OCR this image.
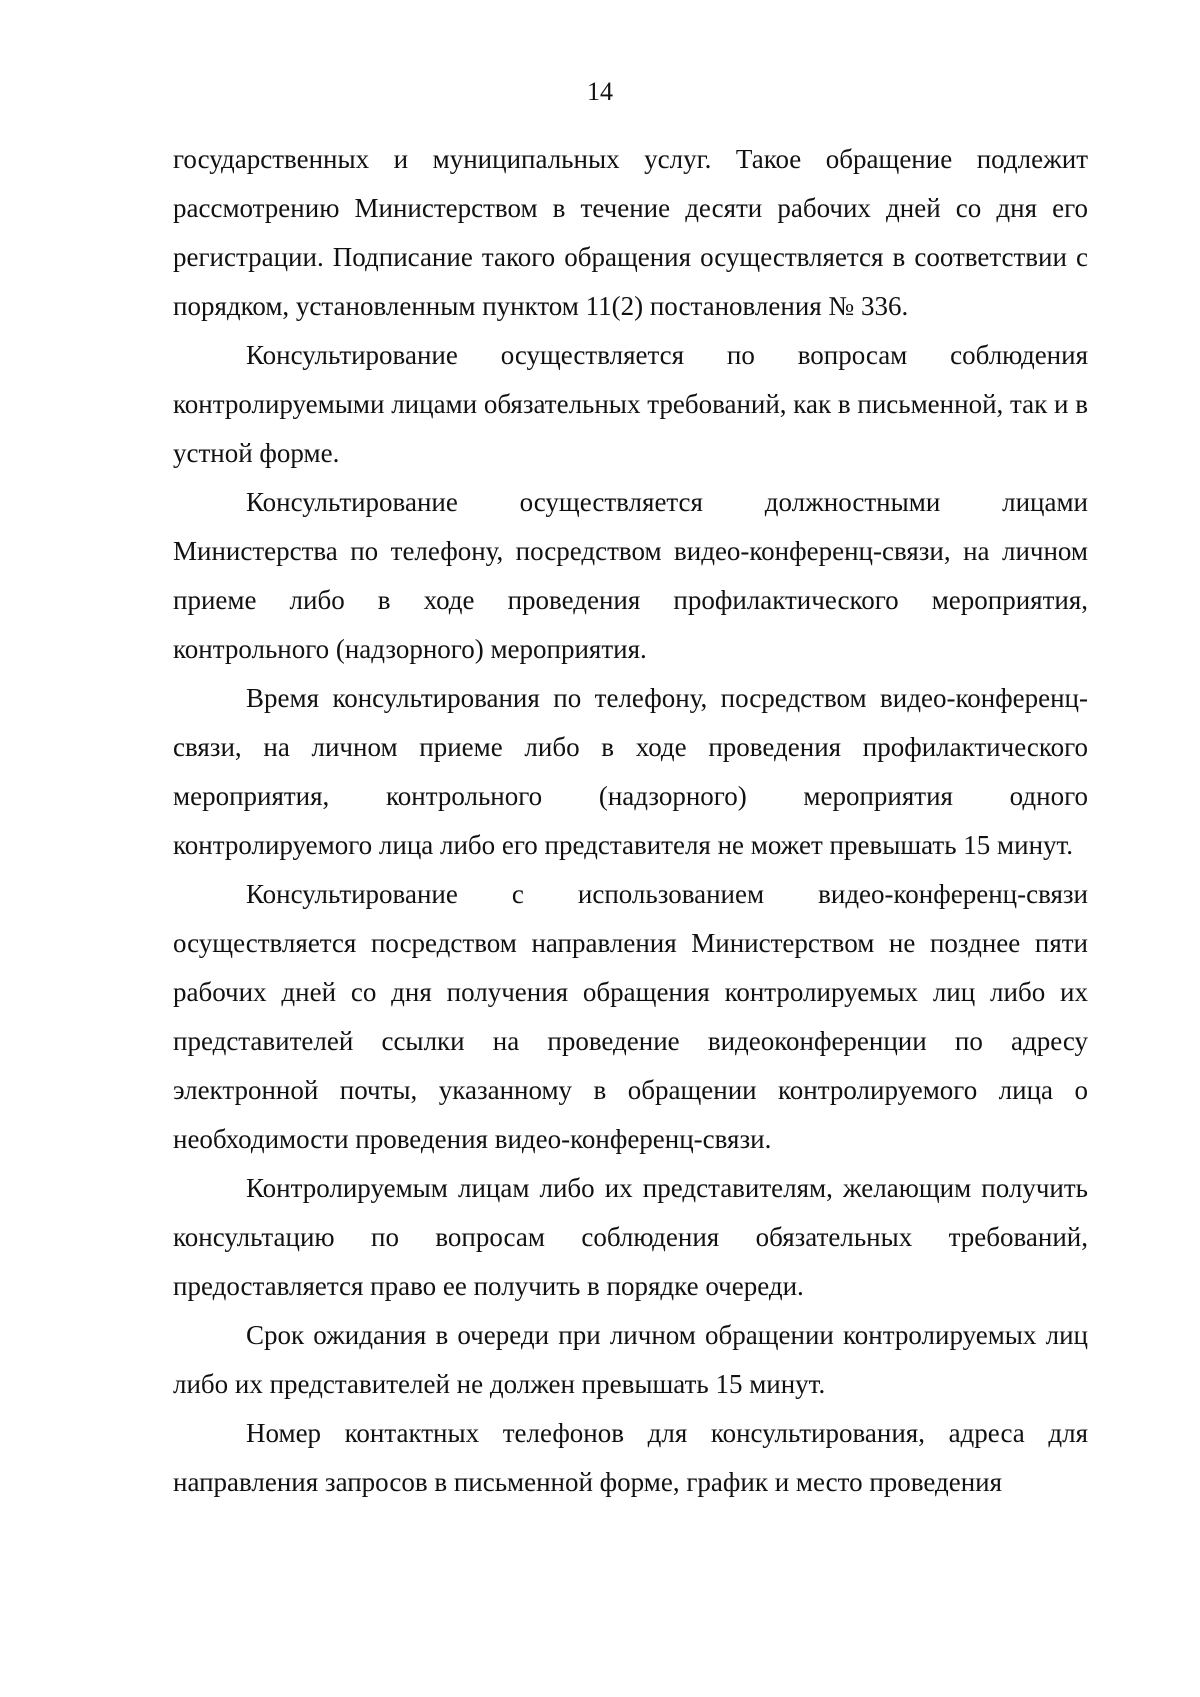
14

государственных и муниципальных услуг. Такое обращение подлежит рассмотрению Министерством в течение десяти рабочих дней со дня его регистрации. Подписание такого обращения осуществляется в соответствии с порядком, установленным пунктом 11(2) постановления № 336.

Консультирование осуществляется по вопросам соблюдения контролируемыми лицами обязательных требований, как в письменной, так и в устной форме.

Консультирование осуществляется должностными лицами Министерства по телефону, посредством видео-конференц-связи, на личном приеме либо в ходе проведения профилактического мероприятия, контрольного (надзорного) мероприятия.

Время консультирования по телефону, посредством видео-конференц-связи, на личном приеме либо в ходе проведения профилактического мероприятия, контрольного (надзорного) мероприятия одного контролируемого лица либо его представителя не может превышать 15 минут.

Консультирование с использованием видео-конференц-связи осуществляется посредством направления Министерством не позднее пяти рабочих дней со дня получения обращения контролируемых лиц либо их представителей ссылки на проведение видеоконференции по адресу электронной почты, указанному в обращении контролируемого лица о необходимости проведения видео-конференц-связи.

Контролируемым лицам либо их представителям, желающим получить консультацию по вопросам соблюдения обязательных требований, предоставляется право ее получить в порядке очереди.

Срок ожидания в очереди при личном обращении контролируемых лиц либо их представителей не должен превышать 15 минут.

Номер контактных телефонов для консультирования, адреса для направления запросов в письменной форме, график и место проведения
